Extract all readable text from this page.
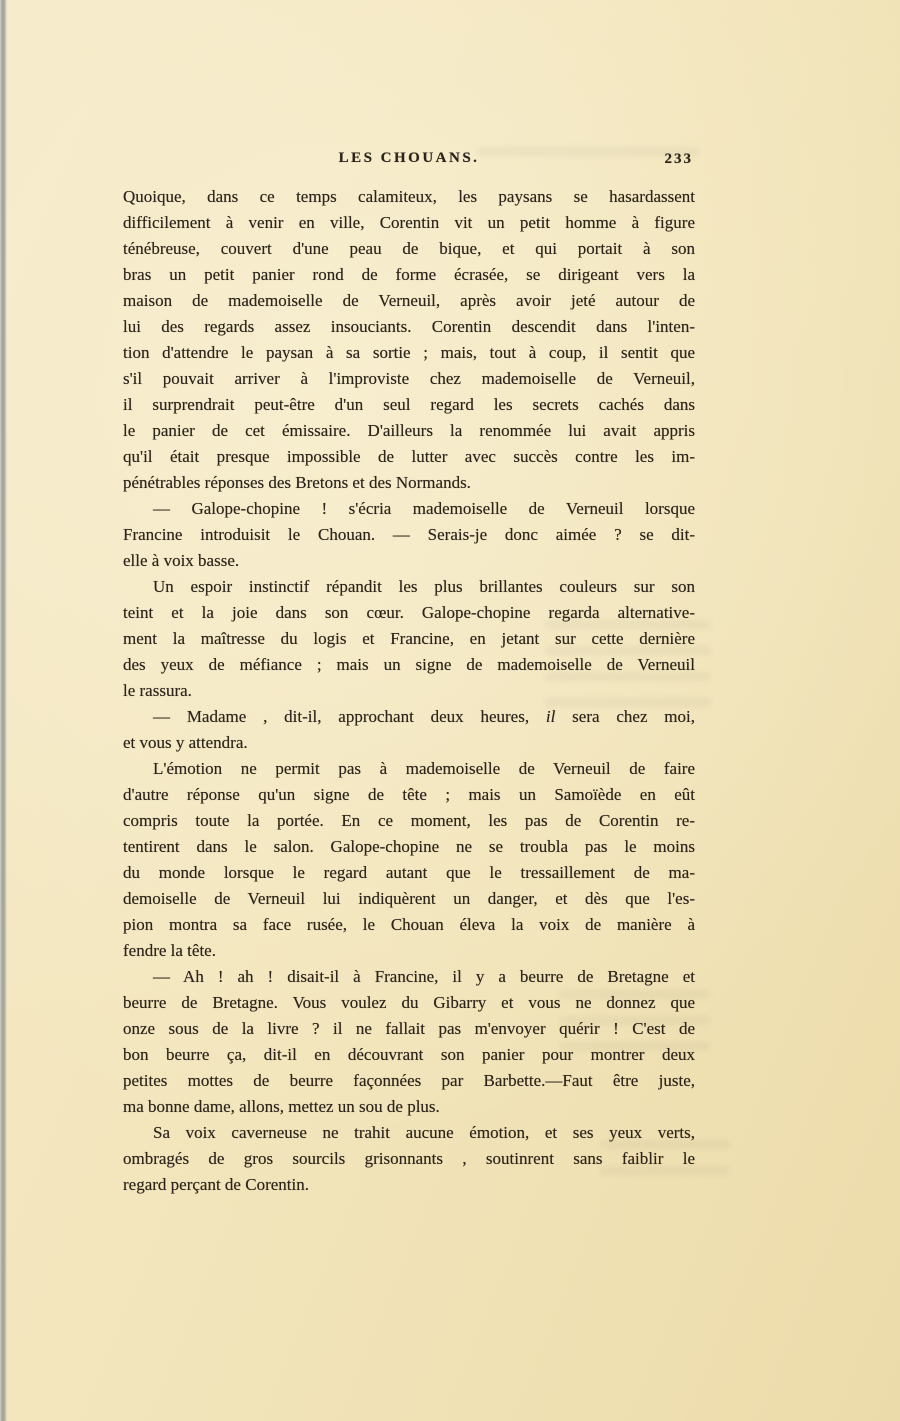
LES CHOUANS.	233
Quoique, dans ce temps calamiteux, les paysans se hasardassent
difficilement à venir en ville, Corentin vit un petit homme à figure
ténébreuse, couvert d'une peau de bique, et qui portait à son
bras un petit panier rond de forme écrasée, se dirigeant vers la
maison de mademoiselle de Verneuil, après avoir jeté autour de
lui des regards assez insouciants. Corentin descendit dans l'inten-
tion d'attendre le paysan à sa sortie ; mais, tout à coup, il sentit que
s'il pouvait arriver à l'improviste chez mademoiselle de Verneuil,
il surprendrait peut-être d'un seul regard les secrets cachés dans
le panier de cet émissaire. D'ailleurs la renommée lui avait appris
qu'il était presque impossible de lutter avec succès contre les im-
pénétrables réponses des Bretons et des Normands.
— Galope-chopine ! s'écria mademoiselle de Verneuil lorsque
Francine introduisit le Chouan. — Serais-je donc aimée ? se dit-
elle à voix basse.
Un espoir instinctif répandit les plus brillantes couleurs sur son
teint et la joie dans son cœur. Galope-chopine regarda alternative-
ment la maîtresse du logis et Francine, en jetant sur cette dernière
des yeux de méfiance ; mais un signe de mademoiselle de Verneuil
le rassura.
— Madame , dit-il, approchant deux heures, il sera chez moi,
et vous y attendra.
L'émotion ne permit pas à mademoiselle de Verneuil de faire
d'autre réponse qu'un signe de tête ; mais un Samoïède en eût
compris toute la portée. En ce moment, les pas de Corentin re-
tentirent dans le salon. Galope-chopine ne se troubla pas le moins
du monde lorsque le regard autant que le tressaillement de ma-
demoiselle de Verneuil lui indiquèrent un danger, et dès que l'es-
pion montra sa face rusée, le Chouan éleva la voix de manière à
fendre la tête.
— Ah ! ah ! disait-il à Francine, il y a beurre de Bretagne et
beurre de Bretagne. Vous voulez du Gibarry et vous ne donnez que
onze sous de la livre ? il ne fallait pas m'envoyer quérir ! C'est de
bon beurre ça, dit-il en découvrant son panier pour montrer deux
petites mottes de beurre façonnées par Barbette.—Faut être juste,
ma bonne dame, allons, mettez un sou de plus.
Sa voix caverneuse ne trahit aucune émotion, et ses yeux verts,
ombragés de gros sourcils grisonnants , soutinrent sans faiblir le
regard perçant de Corentin.
